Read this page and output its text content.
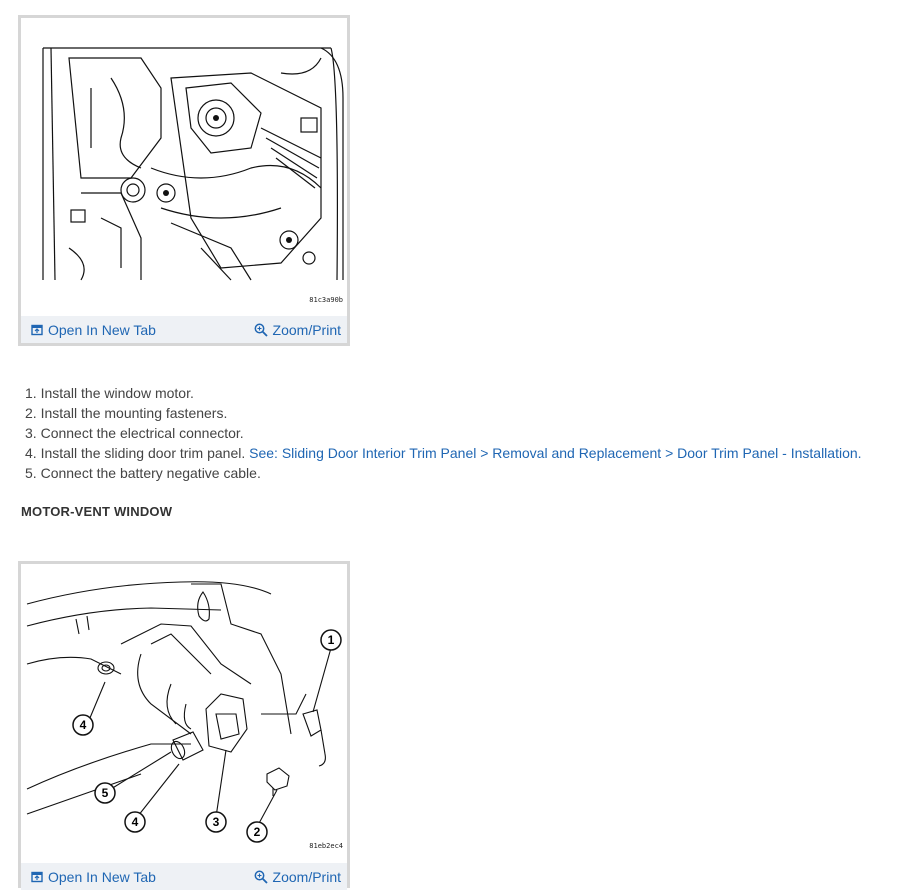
81c3a90b
Open In New Tab	Zoom/Print
1. Install the window motor.
2. Install the mounting fasteners.
3. Connect the electrical connector.
4. Install the sliding door trim panel. See: Sliding Door Interior Trim Panel > Removal and Replacement > Door Trim Panel - Installation.
5. Connect the battery negative cable.
MOTOR-VENT WINDOW
1
2
3
4
4
5
81eb2ec4
Open In New Tab	Zoom/Print
